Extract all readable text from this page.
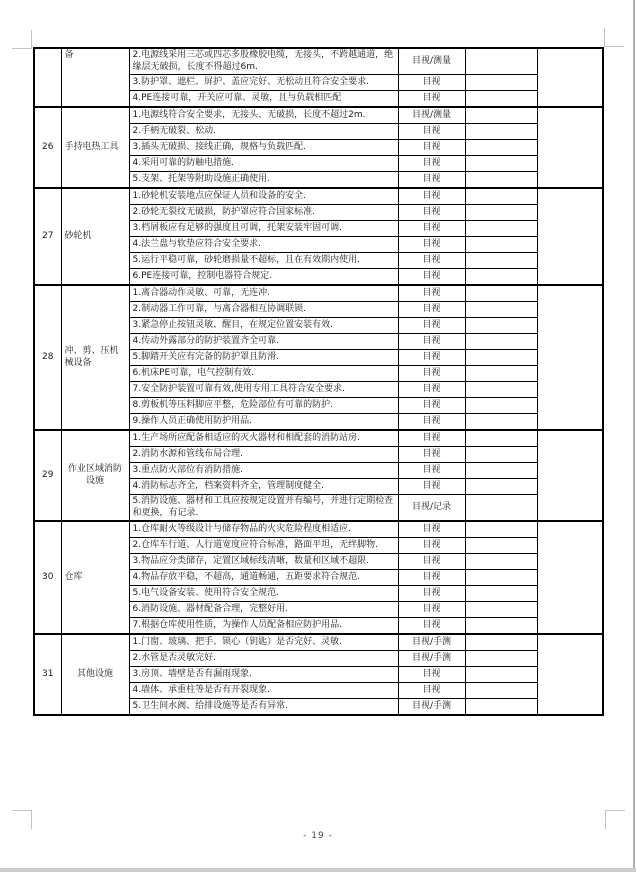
	备	2.电源线采用三芯或四芯多股橡胶电缆，无接头，不跨越通道，绝缘层无破损，长度不得超过6m.	目视/测量		
		3.防护罩、遮栏、屏护、盖应完好、无松动且符合安全要求.	目视		
		4.PE连接可靠，开关应可靠、灵敏，且与负载相匹配	目视		
26	手持电热工具	1.电源线符合安全要求，无接头、无破损，长度不超过2m.	目视/测量		
		2.手柄无破裂、松动.	目视		
		3.插头无破损、接线正确，规格与负载匹配.	目视		
		4.采用可靠的防触电措施.	目视		
		5.支架、托架等附助设施正确使用.	目视		
27	砂轮机	1.砂轮机安装地点应保证人员和设备的安全.	目视		
		2.砂轮无裂纹无破损，防护罩应符合国家标准.	目视		
		3.档屑板应有足够的强度且可调，托架安装牢固可调.	目视		
		4.法兰盘与软垫应符合安全要求.	目视		
		5.运行平稳可靠，砂轮磨损量不超标，且在有效期内使用.	目视		
		6.PE连接可靠，控制电器符合规定.	目视		
28	冲、剪、压机械设备	1.离合器动作灵敏、可靠，无连冲.	目视		
		2.制动器工作可靠，与离合器相互协调联锁.	目视		
		3.紧急停止按钮灵敏、醒目，在规定位置安装有效.	目视		
		4.传动外露部分的防护装置齐全可靠.	目视		
		5.脚踏开关应有完备的防护罩且防滑.	目视		
		6.机床PE可靠，电气控制有效.	目视		
		7.安全防护装置可靠有效,使用专用工具符合安全要求.	目视		
		8.剪板机等压料脚应平整，危险部位有可靠的防护.	目视		
		9.操作人员正确使用防护用品.	目视		
29	作业区域消防设施	1.生产场所应配备相适应的灭火器材和相配套的消防站房.	目视		
		2.消防水源和管线布局合理.	目视		
		3.重点防火部位有消防措施.	目视		
		4.消防标志齐全，档案资料齐全，管理制度健全.	目视		
		5.消防设施、器材和工具应按规定设置并有编号，并进行定期检查和更换，有记录.	目视/记录		
30	仓库	1.仓库耐火等级设计与储存物品的火灾危险程度相适应.	目视		
		2.仓库车行道、人行道宽度应符合标准，路面平坦，无绊脚物.	目视		
		3.物品应分类储存，定置区域标线清晰，数量和区域不超限.	目视		
		4.物品存放平稳，不超高，通道畅通，五距要求符合规范.	目视		
		5.电气设备安装、使用符合安全规范.	目视		
		6.消防设施、器材配备合理，完整好用.	目视		
		7.根据仓库使用性质，为操作人员配备相应防护用品.	目视		
31	其他设施	1.门窗、玻璃、把手、锁心（钥匙）是否完好、灵敏.	目视/手测		
		2.水管是否灵敏完好.	目视/手测		
		3.房顶、墙壁是否有漏雨现象.	目视		
		4.墙体、承重柱等是否有开裂现象.	目视		
		5.卫生间水阀、给排设施等是否有异常.	目视/手测		
- 19 -
